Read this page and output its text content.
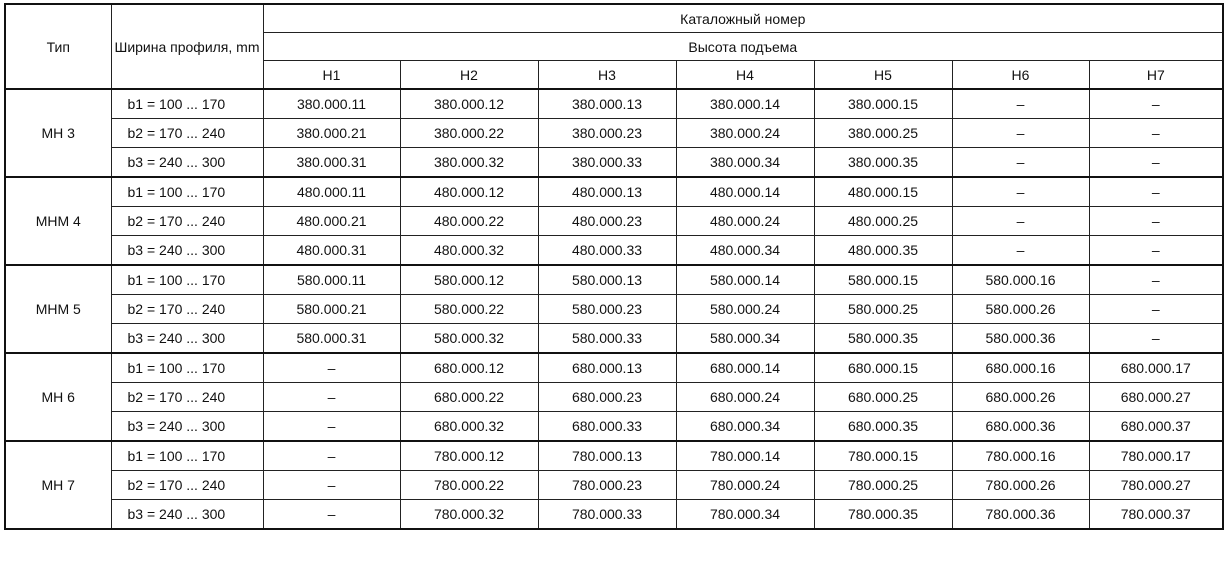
Тип	Ширина профиля, mm	Каталожный номер						
		Высота подъема						
		H1	H2	H3	H4	H5	H6	H7
MH 3	b1 = 100 ... 170	380.000.11	380.000.12	380.000.13	380.000.14	380.000.15	–	–
	b2 = 170 ... 240	380.000.21	380.000.22	380.000.23	380.000.24	380.000.25	–	–
	b3 = 240 ... 300	380.000.31	380.000.32	380.000.33	380.000.34	380.000.35	–	–
MHM 4	b1 = 100 ... 170	480.000.11	480.000.12	480.000.13	480.000.14	480.000.15	–	–
	b2 = 170 ... 240	480.000.21	480.000.22	480.000.23	480.000.24	480.000.25	–	–
	b3 = 240 ... 300	480.000.31	480.000.32	480.000.33	480.000.34	480.000.35	–	–
MHM 5	b1 = 100 ... 170	580.000.11	580.000.12	580.000.13	580.000.14	580.000.15	580.000.16	–
	b2 = 170 ... 240	580.000.21	580.000.22	580.000.23	580.000.24	580.000.25	580.000.26	–
	b3 = 240 ... 300	580.000.31	580.000.32	580.000.33	580.000.34	580.000.35	580.000.36	–
MH 6	b1 = 100 ... 170	–	680.000.12	680.000.13	680.000.14	680.000.15	680.000.16	680.000.17
	b2 = 170 ... 240	–	680.000.22	680.000.23	680.000.24	680.000.25	680.000.26	680.000.27
	b3 = 240 ... 300	–	680.000.32	680.000.33	680.000.34	680.000.35	680.000.36	680.000.37
MH 7	b1 = 100 ... 170	–	780.000.12	780.000.13	780.000.14	780.000.15	780.000.16	780.000.17
	b2 = 170 ... 240	–	780.000.22	780.000.23	780.000.24	780.000.25	780.000.26	780.000.27
	b3 = 240 ... 300	–	780.000.32	780.000.33	780.000.34	780.000.35	780.000.36	780.000.37
